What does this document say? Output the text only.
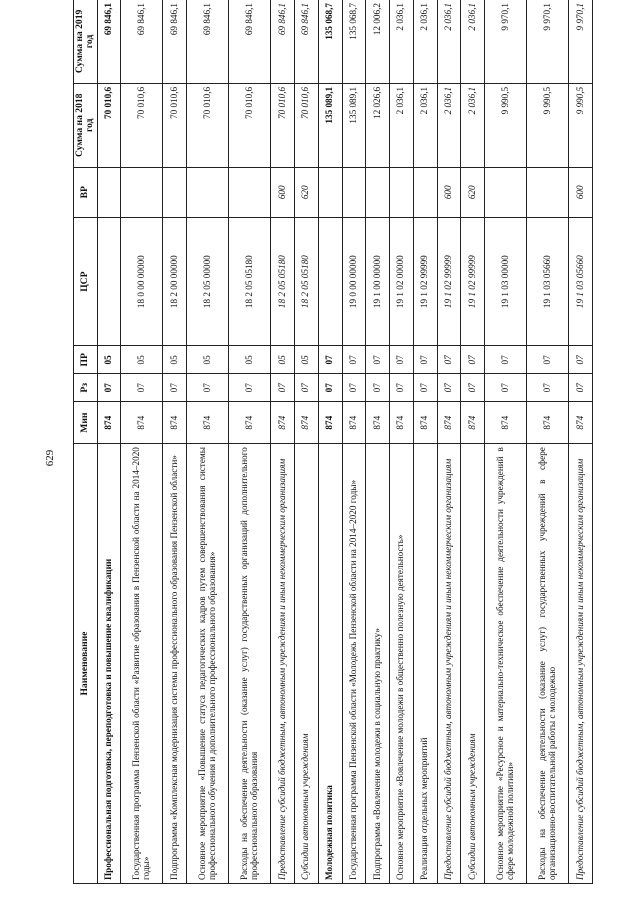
629
Наименование	Мин	Рз	ПР	ЦСР	ВР	Сумма на 2018 год	Сумма на 2019 год
Профессиональная подготовка, переподготовка и повышение квалификации	874	07	05			70 010,6	69 846,1
Государственная программа Пензенской области «Развитие образования в Пензенской области на 2014–2020 годы»	874	07	05	18 0 00 00000		70 010,6	69 846,1
Подпрограмма «Комплексная модернизация системы профессионального образования Пензенской области»	874	07	05	18 2 00 00000		70 010,6	69 846,1
Основное мероприятие «Повышение статуса педагогических кадров путем совершенствования системы профессионального обучения и дополнительного профессионального образования»	874	07	05	18 2 05 00000		70 010,6	69 846,1
Расходы на обеспечение деятельности (оказание услуг) государственных организаций дополнительного профессионального образования	874	07	05	18 2 05 05180		70 010,6	69 846,1
Предоставление субсидий бюджетным, автономным учреждениям и иным некоммерческим организациям	874	07	05	18 2 05 05180	600	70 010,6	69 846,1
Субсидии автономным учреждениям	874	07	05	18 2 05 05180	620	70 010,6	69 846,1
Молодежная политика	874	07	07			135 089,1	135 068,7
Государственная программа Пензенской области «Молодежь Пензенской области на 2014–2020 годы»	874	07	07	19 0 00 00000		135 089,1	135 068,7
Подпрограмма «Вовлечение молодежи в социальную практику»	874	07	07	19 1 00 00000		12 026,6	12 006,2
Основное мероприятие «Вовлечение молодежи в общественно полезную деятельность»	874	07	07	19 1 02 00000		2 036,1	2 036,1
Реализация отдельных мероприятий	874	07	07	19 1 02 99999		2 036,1	2 036,1
Предоставление субсидий бюджетным, автономным учреждениям и иным некоммерческим организациям	874	07	07	19 1 02 99999	600	2 036,1	2 036,1
Субсидии автономным учреждениям	874	07	07	19 1 02 99999	620	2 036,1	2 036,1
Основное мероприятие «Ресурсное и материально-техническое обеспечение деятельности учреждений в сфере молодежной политики»	874	07	07	19 1 03 00000		9 990,5	9 970,1
Расходы на обеспечение деятельности (оказание услуг) государственных учреждений в сфере организационно-воспитательной работы с молодежью	874	07	07	19 1 03 05660		9 990,5	9 970,1
Предоставление субсидий бюджетным, автономным учреждениям и иным некоммерческим организациям	874	07	07	19 1 03 05660	600	9 990,5	9 970,1
